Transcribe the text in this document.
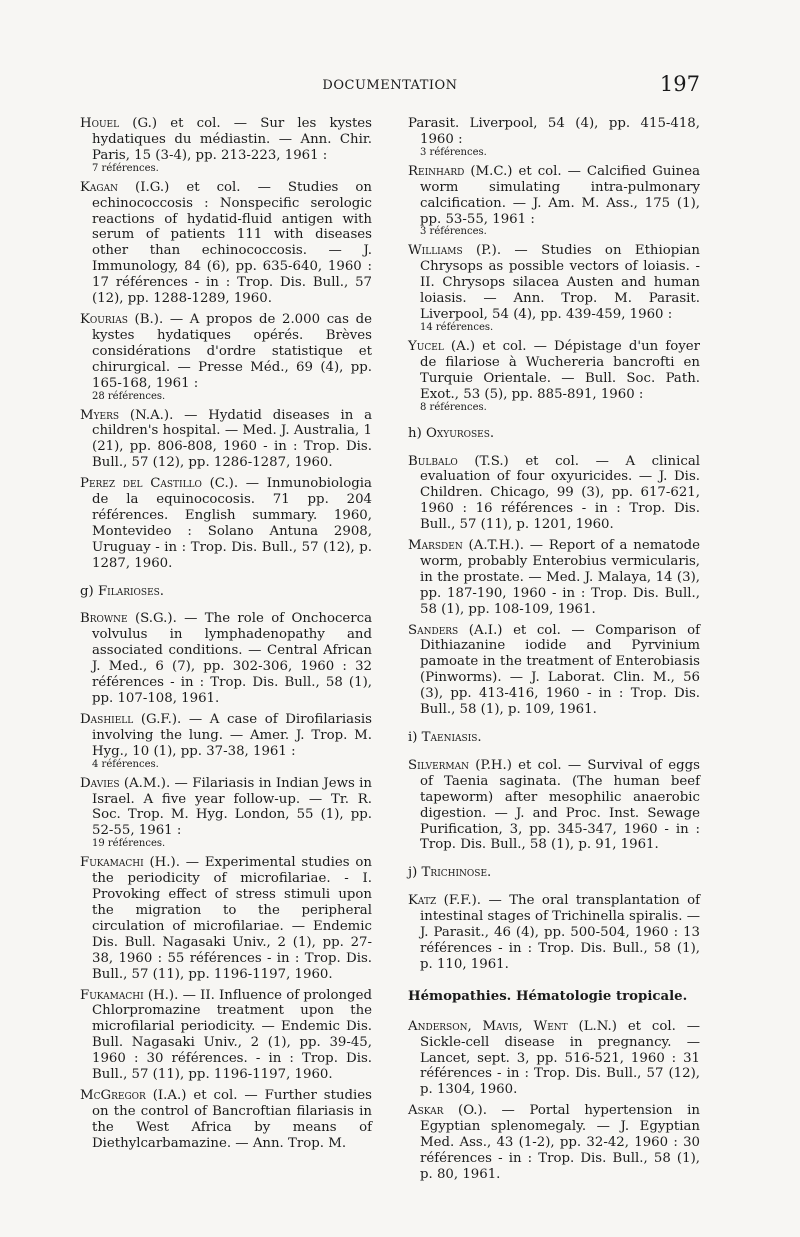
DOCUMENTATION	197
Houel (G.) et col. — Sur les kystes hydatiques du médiastin. — Ann. Chir. Paris, 15 (3-4), pp. 213-223, 1961 :
7 références.
Kagan (I.G.) et col. — Studies on echinococcosis : Nonspecific serologic reactions of hydatid-fluid antigen with serum of patients 111 with diseases other than echinococcosis. — J. Immunology, 84 (6), pp. 635-640, 1960 : 17 références - in : Trop. Dis. Bull., 57 (12), pp. 1288-1289, 1960.
Kourias (B.). — A propos de 2.000 cas de kystes hydatiques opérés. Brèves considérations d'ordre statistique et chirurgical. — Presse Méd., 69 (4), pp. 165-168, 1961 :
28 références.
Myers (N.A.). — Hydatid diseases in a children's hospital. — Med. J. Australia, 1 (21), pp. 806-808, 1960 - in : Trop. Dis. Bull., 57 (12), pp. 1286-1287, 1960.
Perez del Castillo (C.). — Inmunobiologia de la equinococosis. 71 pp. 204 références. English summary. 1960, Montevideo : Solano Antuna 2908, Uruguay - in : Trop. Dis. Bull., 57 (12), p. 1287, 1960.
g) Filarioses.
Browne (S.G.). — The role of Onchocerca volvulus in lymphadenopathy and associated conditions. — Central African J. Med., 6 (7), pp. 302-306, 1960 : 32 références - in : Trop. Dis. Bull., 58 (1), pp. 107-108, 1961.
Dashiell (G.F.). — A case of Dirofilariasis involving the lung. — Amer. J. Trop. M. Hyg., 10 (1), pp. 37-38, 1961 :
4 références.
Davies (A.M.). — Filariasis in Indian Jews in Israel. A five year follow-up. — Tr. R. Soc. Trop. M. Hyg. London, 55 (1), pp. 52-55, 1961 :
19 références.
Fukamachi (H.). — Experimental studies on the periodicity of microfilariae. - I. Provoking effect of stress stimuli upon the migration to the peripheral circulation of microfilariae. — Endemic Dis. Bull. Nagasaki Univ., 2 (1), pp. 27-38, 1960 : 55 références - in : Trop. Dis. Bull., 57 (11), pp. 1196-1197, 1960.
Fukamachi (H.). — II. Influence of prolonged Chlorpromazine treatment upon the microfilarial periodicity. — Endemic Dis. Bull. Nagasaki Univ., 2 (1), pp. 39-45, 1960 : 30 références. - in : Trop. Dis. Bull., 57 (11), pp. 1196-1197, 1960.
McGregor (I.A.) et col. — Further studies on the control of Bancroftian filariasis in the West Africa by means of Diethylcarbamazine. — Ann. Trop. M.
Parasit. Liverpool, 54 (4), pp. 415-418, 1960 :
3 références.
Reinhard (M.C.) et col. — Calcified Guinea worm simulating intra-pulmonary calcification. — J. Am. M. Ass., 175 (1), pp. 53-55, 1961 :
3 références.
Williams (P.). — Studies on Ethiopian Chrysops as possible vectors of loiasis. - II. Chrysops silacea Austen and human loiasis. — Ann. Trop. M. Parasit. Liverpool, 54 (4), pp. 439-459, 1960 :
14 références.
Yucel (A.) et col. — Dépistage d'un foyer de filariose à Wuchereria bancrofti en Turquie Orientale. — Bull. Soc. Path. Exot., 53 (5), pp. 885-891, 1960 :
8 références.
h) Oxyuroses.
Bulbalo (T.S.) et col. — A clinical evaluation of four oxyuricides. — J. Dis. Children. Chicago, 99 (3), pp. 617-621, 1960 : 16 références - in : Trop. Dis. Bull., 57 (11), p. 1201, 1960.
Marsden (A.T.H.). — Report of a nematode worm, probably Enterobius vermicularis, in the prostate. — Med. J. Malaya, 14 (3), pp. 187-190, 1960 - in : Trop. Dis. Bull., 58 (1), pp. 108-109, 1961.
Sanders (A.I.) et col. — Comparison of Dithiazanine iodide and Pyrvinium pamoate in the treatment of Enterobiasis (Pinworms). — J. Laborat. Clin. M., 56 (3), pp. 413-416, 1960 - in : Trop. Dis. Bull., 58 (1), p. 109, 1961.
i) Taeniasis.
Silverman (P.H.) et col. — Survival of eggs of Taenia saginata. (The human beef tapeworm) after mesophilic anaerobic digestion. — J. and Proc. Inst. Sewage Purification, 3, pp. 345-347, 1960 - in : Trop. Dis. Bull., 58 (1), p. 91, 1961.
j) Trichinose.
Katz (F.F.). — The oral transplantation of intestinal stages of Trichinella spiralis. — J. Parasit., 46 (4), pp. 500-504, 1960 : 13 références - in : Trop. Dis. Bull., 58 (1), p. 110, 1961.
Hémopathies. Hématologie tropicale.
Anderson, Mavis, Went (L.N.) et col. — Sickle-cell disease in pregnancy. — Lancet, sept. 3, pp. 516-521, 1960 : 31 références - in : Trop. Dis. Bull., 57 (12), p. 1304, 1960.
Askar (O.). — Portal hypertension in Egyptian splenomegaly. — J. Egyptian Med. Ass., 43 (1-2), pp. 32-42, 1960 : 30 références - in : Trop. Dis. Bull., 58 (1), p. 80, 1961.
